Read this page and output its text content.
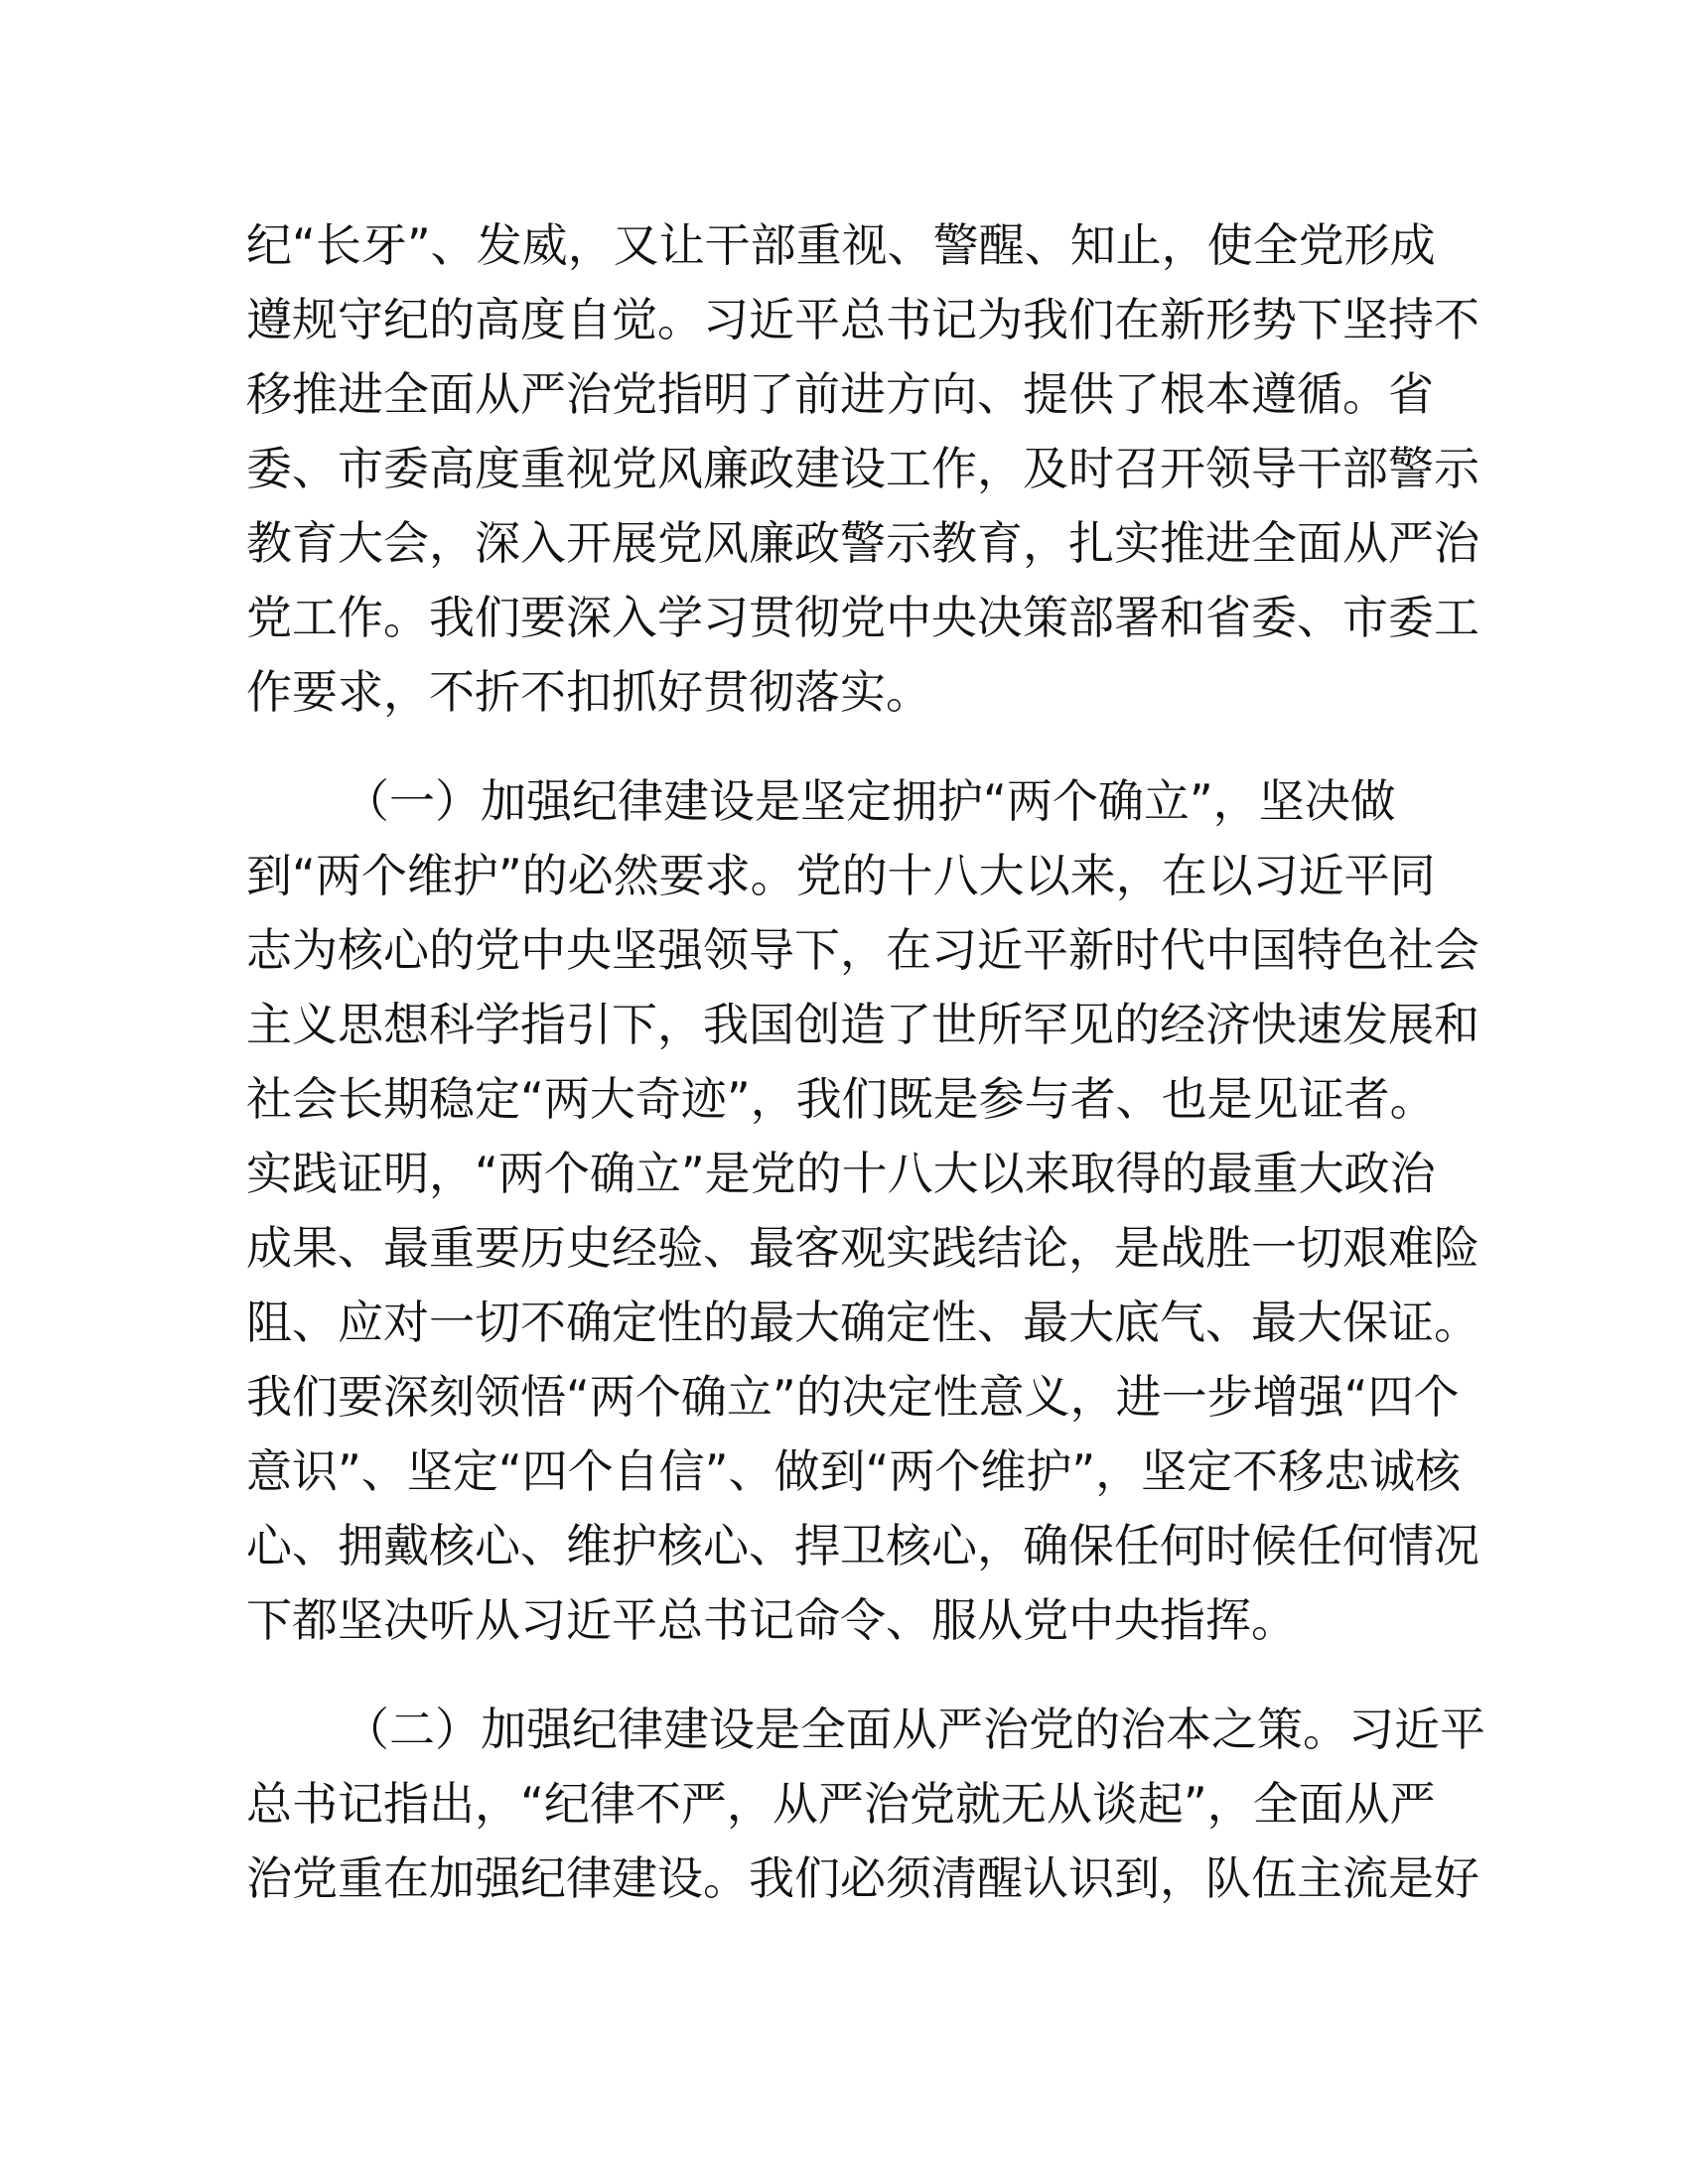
纪“长牙”、发威，又让干部重视、警醒、知止，使全党形成
遵规守纪的高度自觉。习近平总书记为我们在新形势下坚持不
移推进全面从严治党指明了前进方向、提供了根本遵循。省
委、市委高度重视党风廉政建设工作，及时召开领导干部警示
教育大会，深入开展党风廉政警示教育，扎实推进全面从严治
党工作。我们要深入学习贯彻党中央决策部署和省委、市委工
作要求，不折不扣抓好贯彻落实。
（一）加强纪律建设是坚定拥护“两个确立”，坚决做
到“两个维护”的必然要求。党的十八大以来，在以习近平同
志为核心的党中央坚强领导下，在习近平新时代中国特色社会
主义思想科学指引下，我国创造了世所罕见的经济快速发展和
社会长期稳定“两大奇迹”，我们既是参与者、也是见证者。
实践证明，“两个确立”是党的十八大以来取得的最重大政治
成果、最重要历史经验、最客观实践结论，是战胜一切艰难险
阻、应对一切不确定性的最大确定性、最大底气、最大保证。
我们要深刻领悟“两个确立”的决定性意义，进一步增强“四个
意识”、坚定“四个自信”、做到“两个维护”，坚定不移忠诚核
心、拥戴核心、维护核心、捍卫核心，确保任何时候任何情况
下都坚决听从习近平总书记命令、服从党中央指挥。
（二）加强纪律建设是全面从严治党的治本之策。习近平
总书记指出，“纪律不严，从严治党就无从谈起”，全面从严
治党重在加强纪律建设。我们必须清醒认识到，队伍主流是好
